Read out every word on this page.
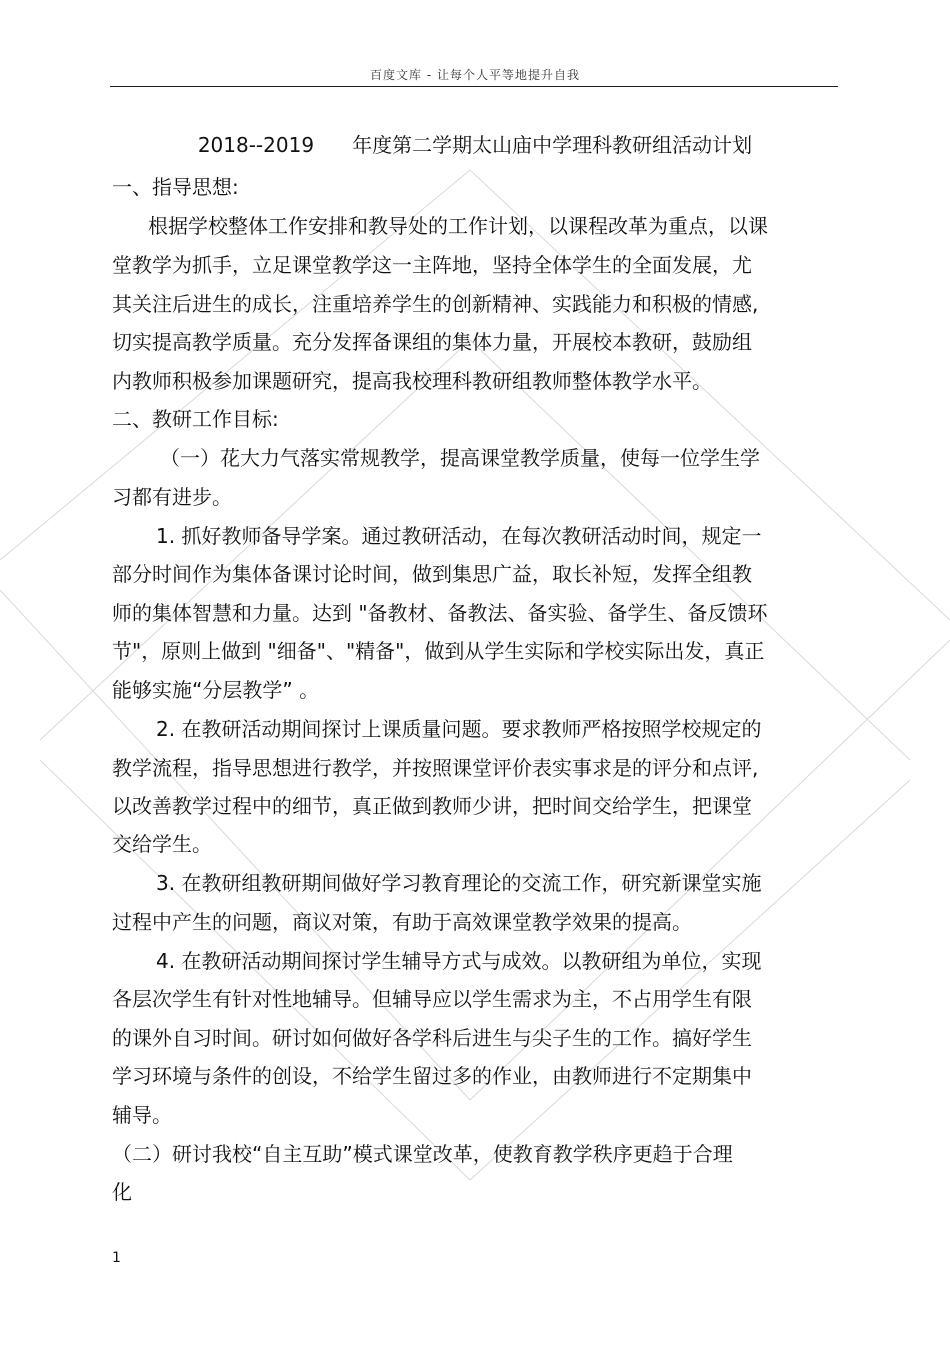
百度文库 - 让每个人平等地提升自我
2018--2019      年度第二学期太山庙中学理科教研组活动计划
一、指导思想:
根据学校整体工作安排和教导处的工作计划，以课程改革为重点，以课
堂教学为抓手，立足课堂教学这一主阵地，坚持全体学生的全面发展，尤
其关注后进生的成长，注重培养学生的创新精神、实践能力和积极的情感,
切实提高教学质量。充分发挥备课组的集体力量，开展校本教研，鼓励组
内教师积极参加课题研究，提高我校理科教研组教师整体教学水平。
二、教研工作目标:
（一）花大力气落实常规教学，提高课堂教学质量，使每一位学生学
习都有进步。
1. 抓好教师备导学案。通过教研活动，在每次教研活动时间，规定一
部分时间作为集体备课讨论时间，做到集思广益，取长补短，发挥全组教
师的集体智慧和力量。达到 "备教材、备教法、备实验、备学生、备反馈环
节"，原则上做到 "细备"、"精备"，做到从学生实际和学校实际出发，真正
能够实施“分层教学” 。
2. 在教研活动期间探讨上课质量问题。要求教师严格按照学校规定的
教学流程，指导思想进行教学，并按照课堂评价表实事求是的评分和点评,
以改善教学过程中的细节，真正做到教师少讲，把时间交给学生，把课堂
交给学生。
3. 在教研组教研期间做好学习教育理论的交流工作，研究新课堂实施
过程中产生的问题，商议对策，有助于高效课堂教学效果的提高。
4. 在教研活动期间探讨学生辅导方式与成效。以教研组为单位，实现
各层次学生有针对性地辅导。但辅导应以学生需求为主，不占用学生有限
的课外自习时间。研讨如何做好各学科后进生与尖子生的工作。搞好学生
学习环境与条件的创设，不给学生留过多的作业，由教师进行不定期集中
辅导。
（二）研讨我校“自主互助”模式课堂改革，使教育教学秩序更趋于合理
化
1
